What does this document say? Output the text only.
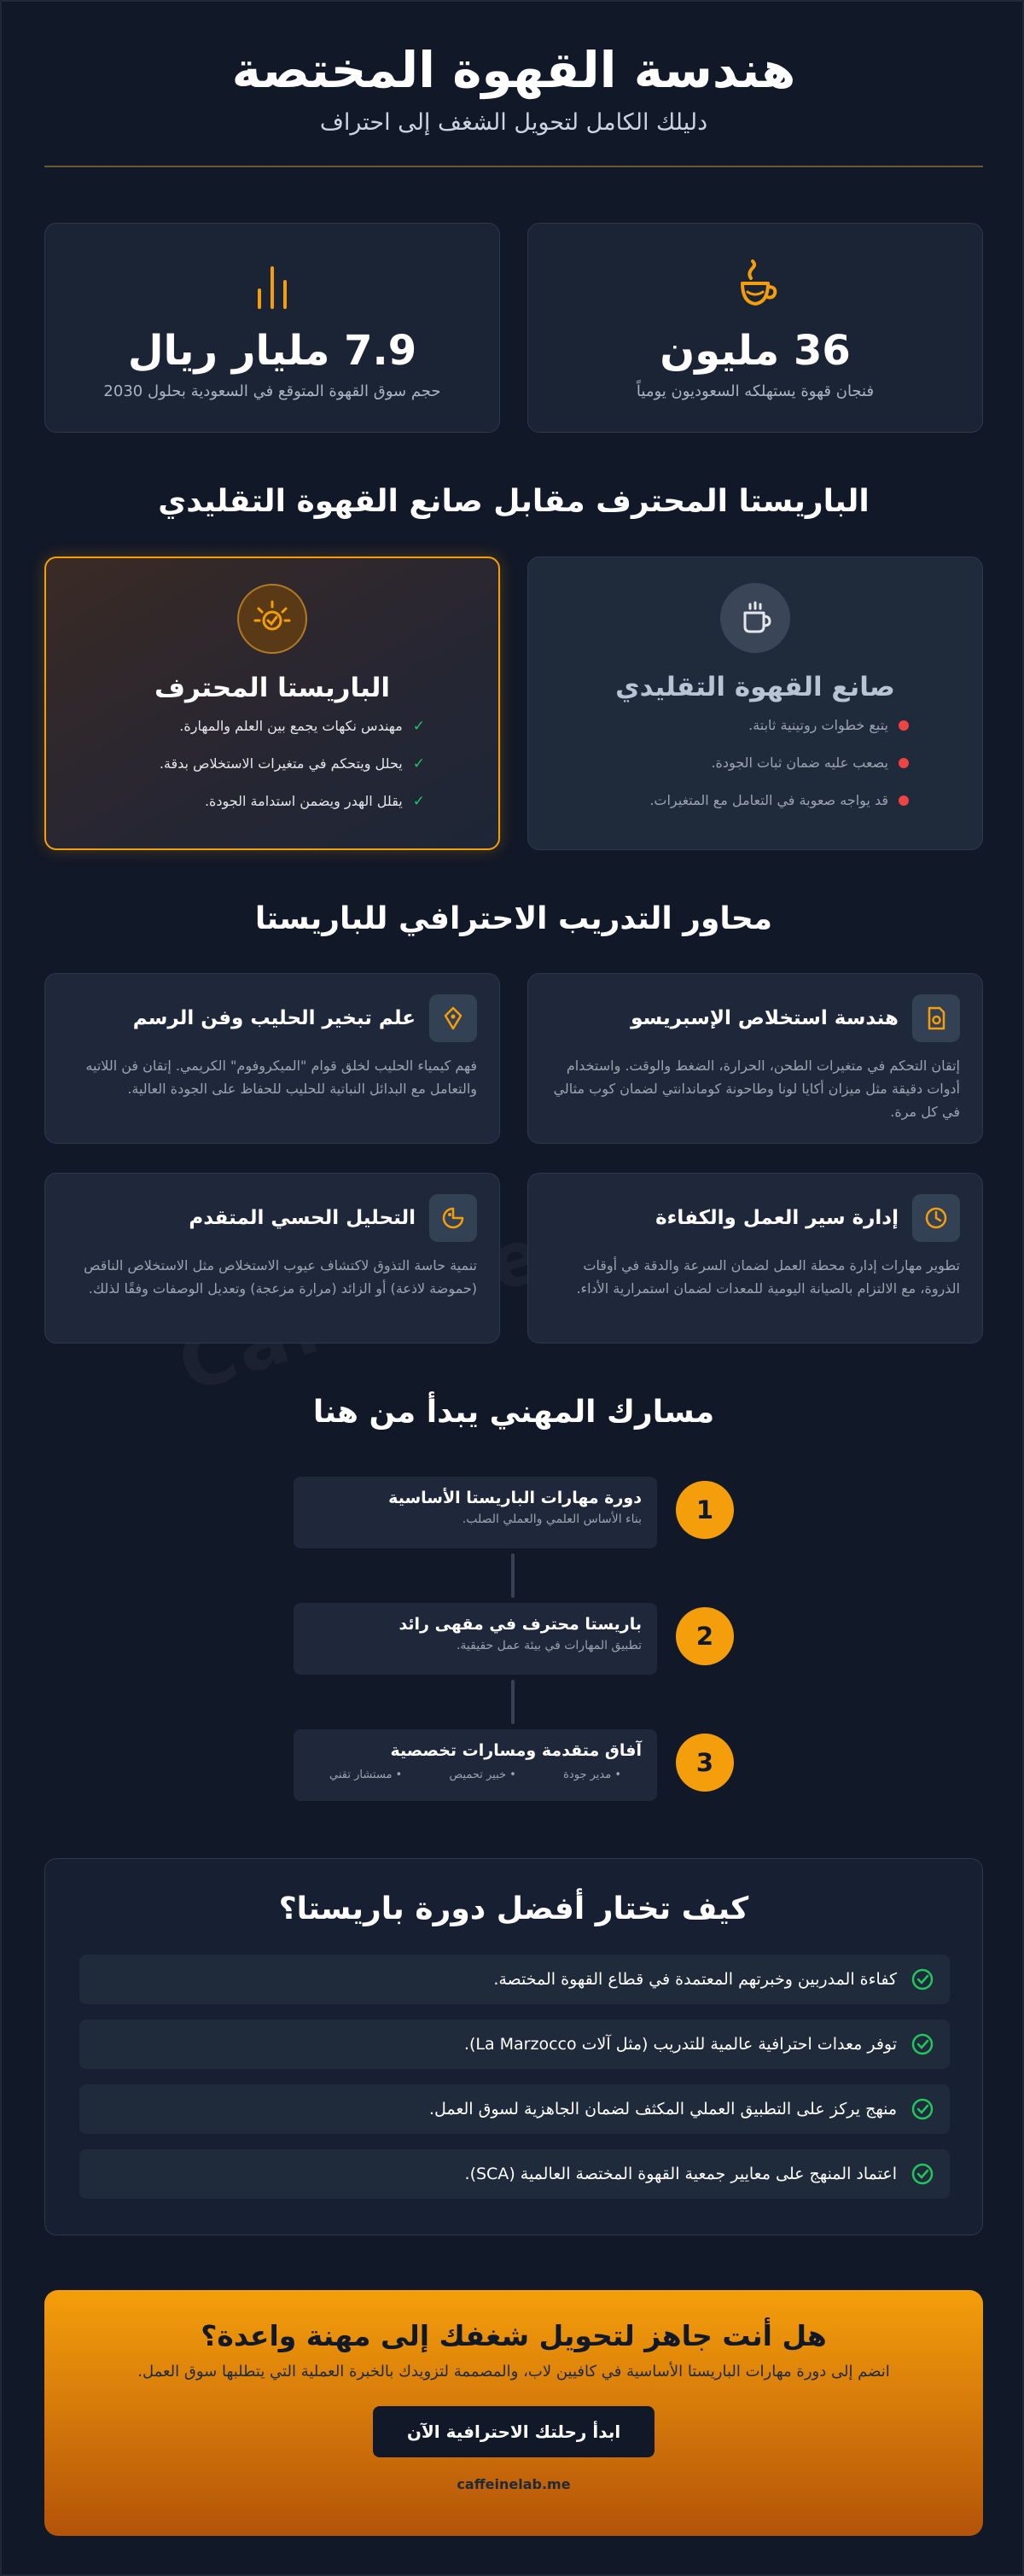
هندسة القهوة المختصة

دليلك الكامل لتحويل الشغف إلى احتراف

36 مليون
فنجان قهوة يستهلكه السعوديون يومياً
7.9 مليار ريال
حجم سوق القهوة المتوقع في السعودية بحلول 2030
الباريستا المحترف مقابل صانع القهوة التقليدي
صانع القهوة التقليدي
يتبع خطوات روتينية ثابتة.
يصعب عليه ضمان ثبات الجودة.
قد يواجه صعوبة في التعامل مع المتغيرات.
الباريستا المحترف
✓
مهندس نكهات يجمع بين العلم والمهارة.
✓
يحلل ويتحكم في متغيرات الاستخلاص بدقة.
✓
يقلل الهدر ويضمن استدامة الجودة.
محاور التدريب الاحترافي للباريستا
هندسة استخلاص الإسبريسو
إتقان التحكم في متغيرات الطحن، الحرارة، الضغط والوقت. واستخدام أدوات دقيقة مثل ميزان أكايا لونا وطاحونة كوماندانتي لضمان كوب مثالي في كل مرة.
علم تبخير الحليب وفن الرسم
فهم كيمياء الحليب لخلق قوام "الميكروفوم" الكريمي. إتقان فن اللاتيه والتعامل مع البدائل النباتية للحليب للحفاظ على الجودة العالية.
إدارة سير العمل والكفاءة
تطوير مهارات إدارة محطة العمل لضمان السرعة والدقة في أوقات الذروة، مع الالتزام بالصيانة اليومية للمعدات لضمان استمرارية الأداء.
التحليل الحسي المتقدم
تنمية حاسة التذوق لاكتشاف عيوب الاستخلاص مثل الاستخلاص الناقص (حموضة لاذعة) أو الزائد (مرارة مزعجة) وتعديل الوصفات وفقًا لذلك.
مسارك المهني يبدأ من هنا
دورة مهارات الباريستا الأساسية
بناء الأساس العلمي والعملي الصلب.	1
باريستا محترف في مقهى رائد
تطبيق المهارات في بيئة عمل حقيقية.	2
آفاق متقدمة ومسارات تخصصية
• مدير جودة
• خبير تحميص
• مستشار تقني	3
كيف تختار أفضل دورة باريستا؟
كفاءة المدربين وخبرتهم المعتمدة في قطاع القهوة المختصة.
توفر معدات احترافية عالمية للتدريب (مثل آلات La Marzocco).
منهج يركز على التطبيق العملي المكثف لضمان الجاهزية لسوق العمل.
اعتماد المنهج على معايير جمعية القهوة المختصة العالمية (SCA).
هل أنت جاهز لتحويل شغفك إلى مهنة واعدة؟

انضم إلى دورة مهارات الباريستا الأساسية في كافيين لاب، والمصممة لتزويدك بالخبرة العملية التي يتطلبها سوق العمل.

ابدأ رحلتك الاحترافية الآن
caffeinelab.me
